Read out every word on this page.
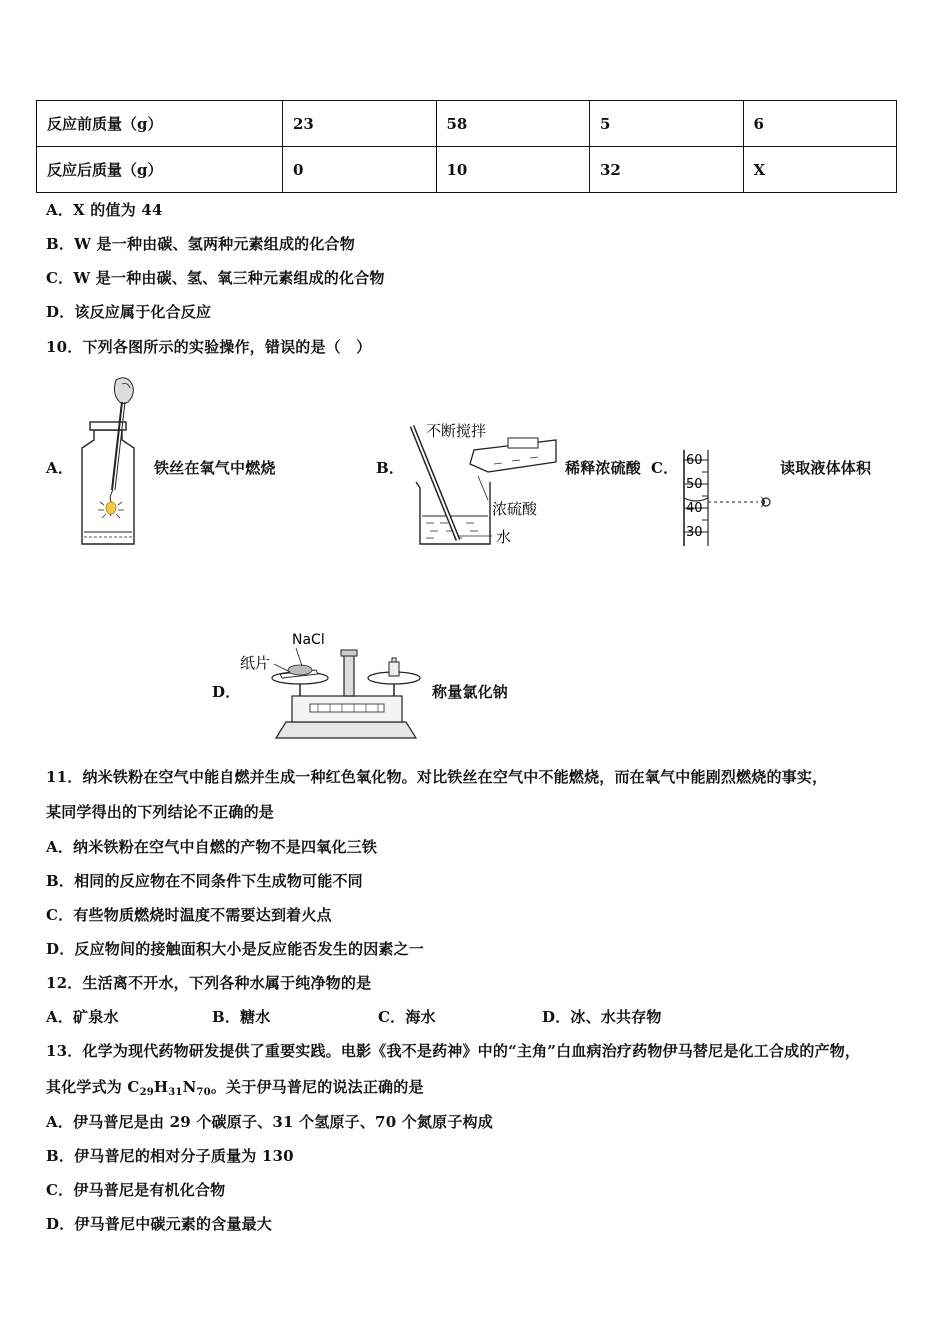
反应前质量（g）	23	58	5	6
反应后质量（g）	0	10	32	X
A．X 的值为 44
B．W 是一种由碳、氢两种元素组成的化合物
C．W 是一种由碳、氢、氧三种元素组成的化合物
D．该反应属于化合反应
10．下列各图所示的实验操作，错误的是（　）
A．	铁丝在氧气中燃烧	B．
不断搅拌
浓硫酸
水
稀释浓硫酸 C． 60
50
40
30
读取液体体积
D．
NaCl
纸片
称量氯化钠
11．纳米铁粉在空气中能自燃并生成一种红色氧化物。对比铁丝在空气中不能燃烧，而在氧气中能剧烈燃烧的事实，
某同学得出的下列结论不正确的是
A．纳米铁粉在空气中自燃的产物不是四氧化三铁
B．相同的反应物在不同条件下生成物可能不同
C．有些物质燃烧时温度不需要达到着火点
D．反应物间的接触面积大小是反应能否发生的因素之一
12．生活离不开水，下列各种水属于纯净物的是
A．矿泉水	B．糖水	C．海水	D．冰、水共存物
13．化学为现代药物研发提供了重要实践。电影《我不是药神》中的“主角”白血病治疗药物伊马替尼是化工合成的产物，
其化学式为 $C_{29}H_{31}N_{70}$。关于伊马普尼的说法正确的是
A．伊马普尼是由 29 个碳原子、31 个氢原子、70 个氮原子构成
B．伊马普尼的相对分子质量为 130
C．伊马普尼是有机化合物
D．伊马普尼中碳元素的含量最大
